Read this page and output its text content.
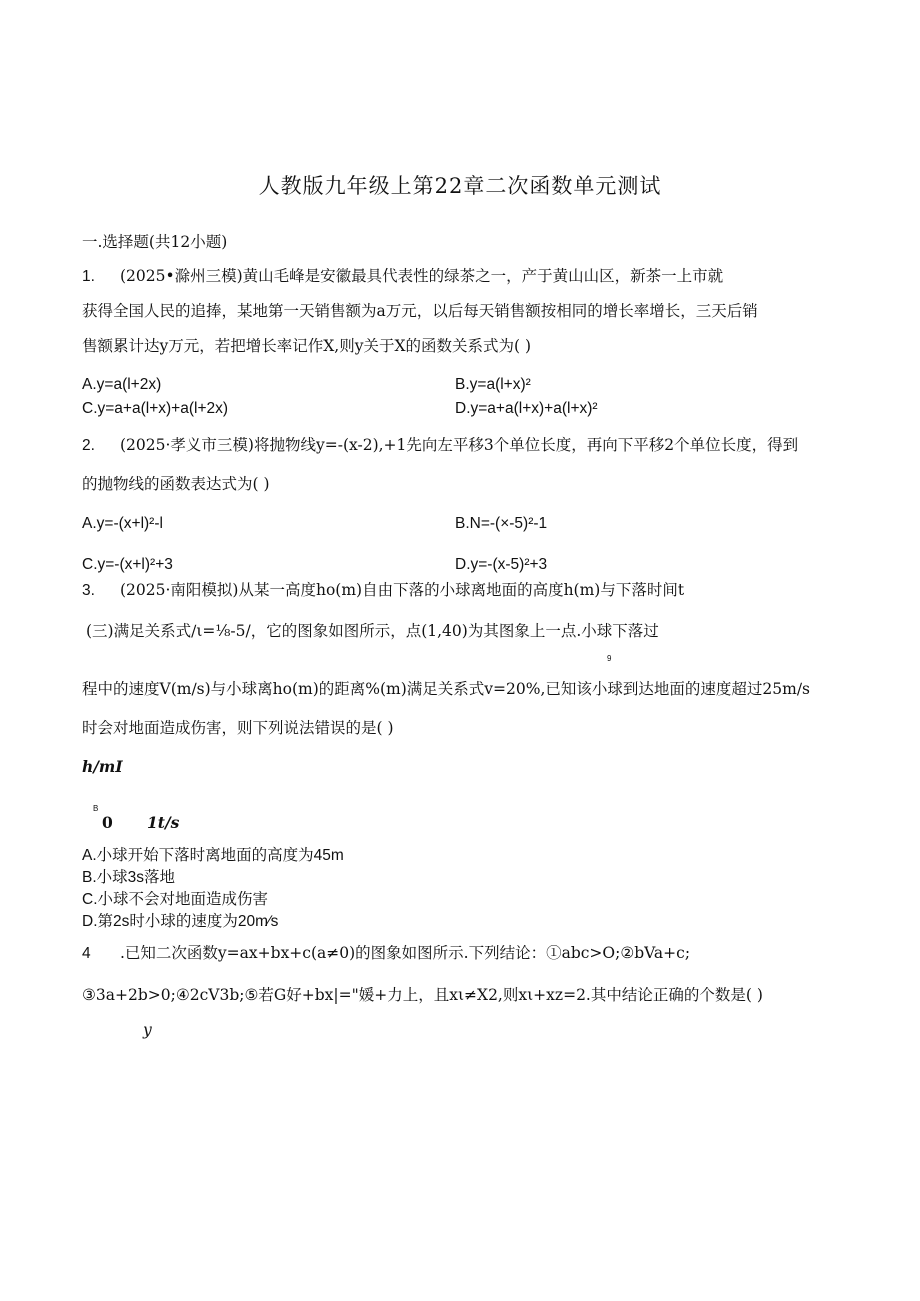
人教版九年级上第22章二次函数单元测试
一.选择题(共12小题)
1. (2025•滁州三模)黄山毛峰是安徽最具代表性的绿茶之一，产于黄山山区，新茶一上市就
获得全国人民的追捧，某地第一天销售额为a万元，以后每天销售额按相同的增长率增长，三天后销
售额累计达y万元，若把增长率记作X,则y关于X的函数关系式为( )
A.y=a(l+2x)	B.y=a(l+x)²
C.y=a+a(l+x)+a(l+2x)	D.y=a+a(l+x)+a(l+x)²
2. (2025·孝义市三模)将抛物线y=-(x-2),+1先向左平移3个单位长度，再向下平移2个单位长度，得到
的抛物线的函数表达式为( )
A.y=-(x+l)²-l	B.N=-(×-5)²-1
C.y=-(x+l)²+3	D.y=-(x-5)²+3
3. (2025·南阳模拟)从某一高度ho(m)自由下落的小球离地面的高度h(m)与下落时间t
(三)满足关系式∕ι=⅛-5/，它的图象如图所示，点(1,40)为其图象上一点.小球下落过
9
程中的速度V(m∕s)与小球离ho(m)的距离%(m)满足关系式v=20%,已知该小球到达地面的速度超过25m∕s
时会对地面造成伤害，则下列说法错误的是( )
h/mI
B
0 1t/s
A.小球开始下落时离地面的高度为45m
B.小球3s落地
C.小球不会对地面造成伤害
D.第2s时小球的速度为20m∕s
4 .已知二次函数y=ax+bx+c(a≠0)的图象如图所示.下列结论：①abc>O;②bVa+c;
③3a+2b>0;④2cV3b;⑤若G好+bx|="媛+力上，且xι≠X2,则xι+xz=2.其中结论正确的个数是( )
y
